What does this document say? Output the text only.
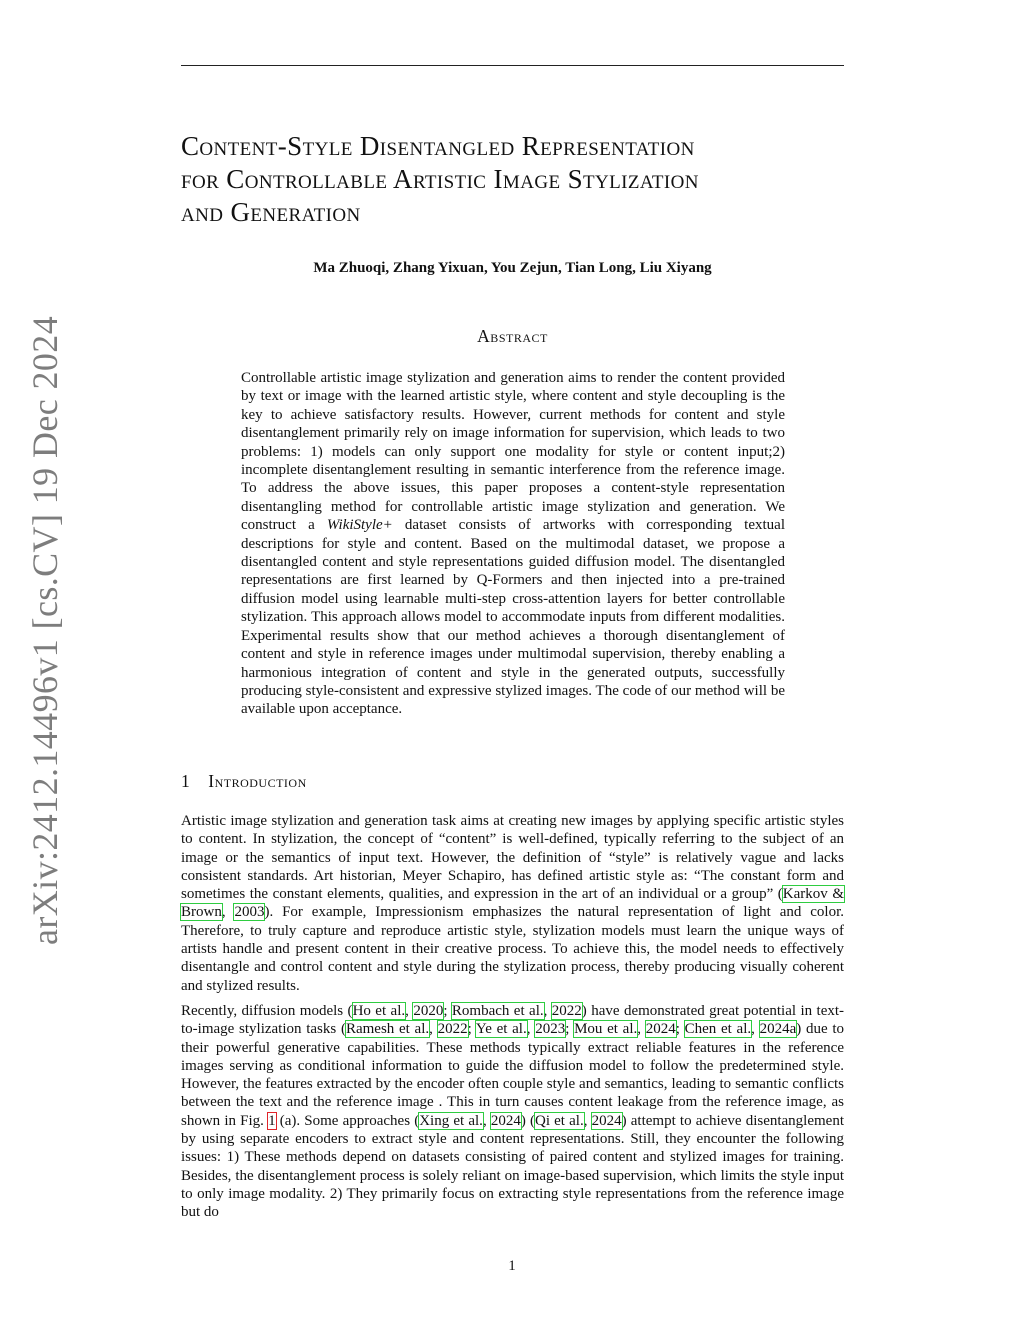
arXiv:2412.14496v1 [cs.CV] 19 Dec 2024
Content-Style Disentangled Representation
for Controllable Artistic Image Stylization
and Generation
Ma Zhuoqi, Zhang Yixuan, You Zejun, Tian Long, Liu Xiyang
Abstract

Controllable artistic image stylization and generation aims to render the content provided by text or image with the learned artistic style, where content and style decoupling is the key to achieve satisfactory results. However, current methods for content and style disentanglement primarily rely on image information for supervision, which leads to two problems: 1) models can only support one modality for style or content input;2) incomplete disentanglement resulting in semantic interference from the reference image. To address the above issues, this paper proposes a content-style representation disentangling method for controllable artistic image stylization and generation. We construct a WikiStyle+ dataset consists of artworks with corresponding textual descriptions for style and content. Based on the multimodal dataset, we propose a disentangled content and style representations guided diffusion model. The disentangled representations are first learned by Q-Formers and then injected into a pre-trained diffusion model using learnable multi-step cross-attention layers for better controllable stylization. This approach allows model to accommodate inputs from different modalities. Experimental results show that our method achieves a thorough disentanglement of content and style in reference images under multimodal supervision, thereby enabling a harmonious integration of content and style in the generated outputs, successfully producing style-consistent and expressive stylized images. The code of our method will be available upon acceptance.

1 Introduction

Artistic image stylization and generation task aims at creating new images by applying specific artistic styles to content. In stylization, the concept of “content” is well-defined, typically referring to the subject of an image or the semantics of input text. However, the definition of “style” is relatively vague and lacks consistent standards. Art historian, Meyer Schapiro, has defined artistic style as: “The constant form and sometimes the constant elements, qualities, and expression in the art of an individual or a group” (Karkov & Brown, 2003). For example, Impressionism emphasizes the natural representation of light and color. Therefore, to truly capture and reproduce artistic style, stylization models must learn the unique ways of artists handle and present content in their creative process. To achieve this, the model needs to effectively disentangle and control content and style during the stylization process, thereby producing visually coherent and stylized results.

Recently, diffusion models (Ho et al., 2020; Rombach et al., 2022) have demonstrated great potential in text-to-image stylization tasks (Ramesh et al., 2022; Ye et al., 2023; Mou et al., 2024; Chen et al., 2024a) due to their powerful generative capabilities. These methods typically extract reliable features in the reference images serving as conditional information to guide the diffusion model to follow the predetermined style. However, the features extracted by the encoder often couple style and semantics, leading to semantic conflicts between the text and the reference image . This in turn causes content leakage from the reference image, as shown in Fig. 1 (a). Some approaches (Xing et al., 2024) (Qi et al., 2024) attempt to achieve disentanglement by using separate encoders to extract style and content representations. Still, they encounter the following issues: 1) These methods depend on datasets consisting of paired content and stylized images for training. Besides, the disentanglement process is solely reliant on image-based supervision, which limits the style input to only image modality. 2) They primarily focus on extracting style representations from the reference image but do

1
